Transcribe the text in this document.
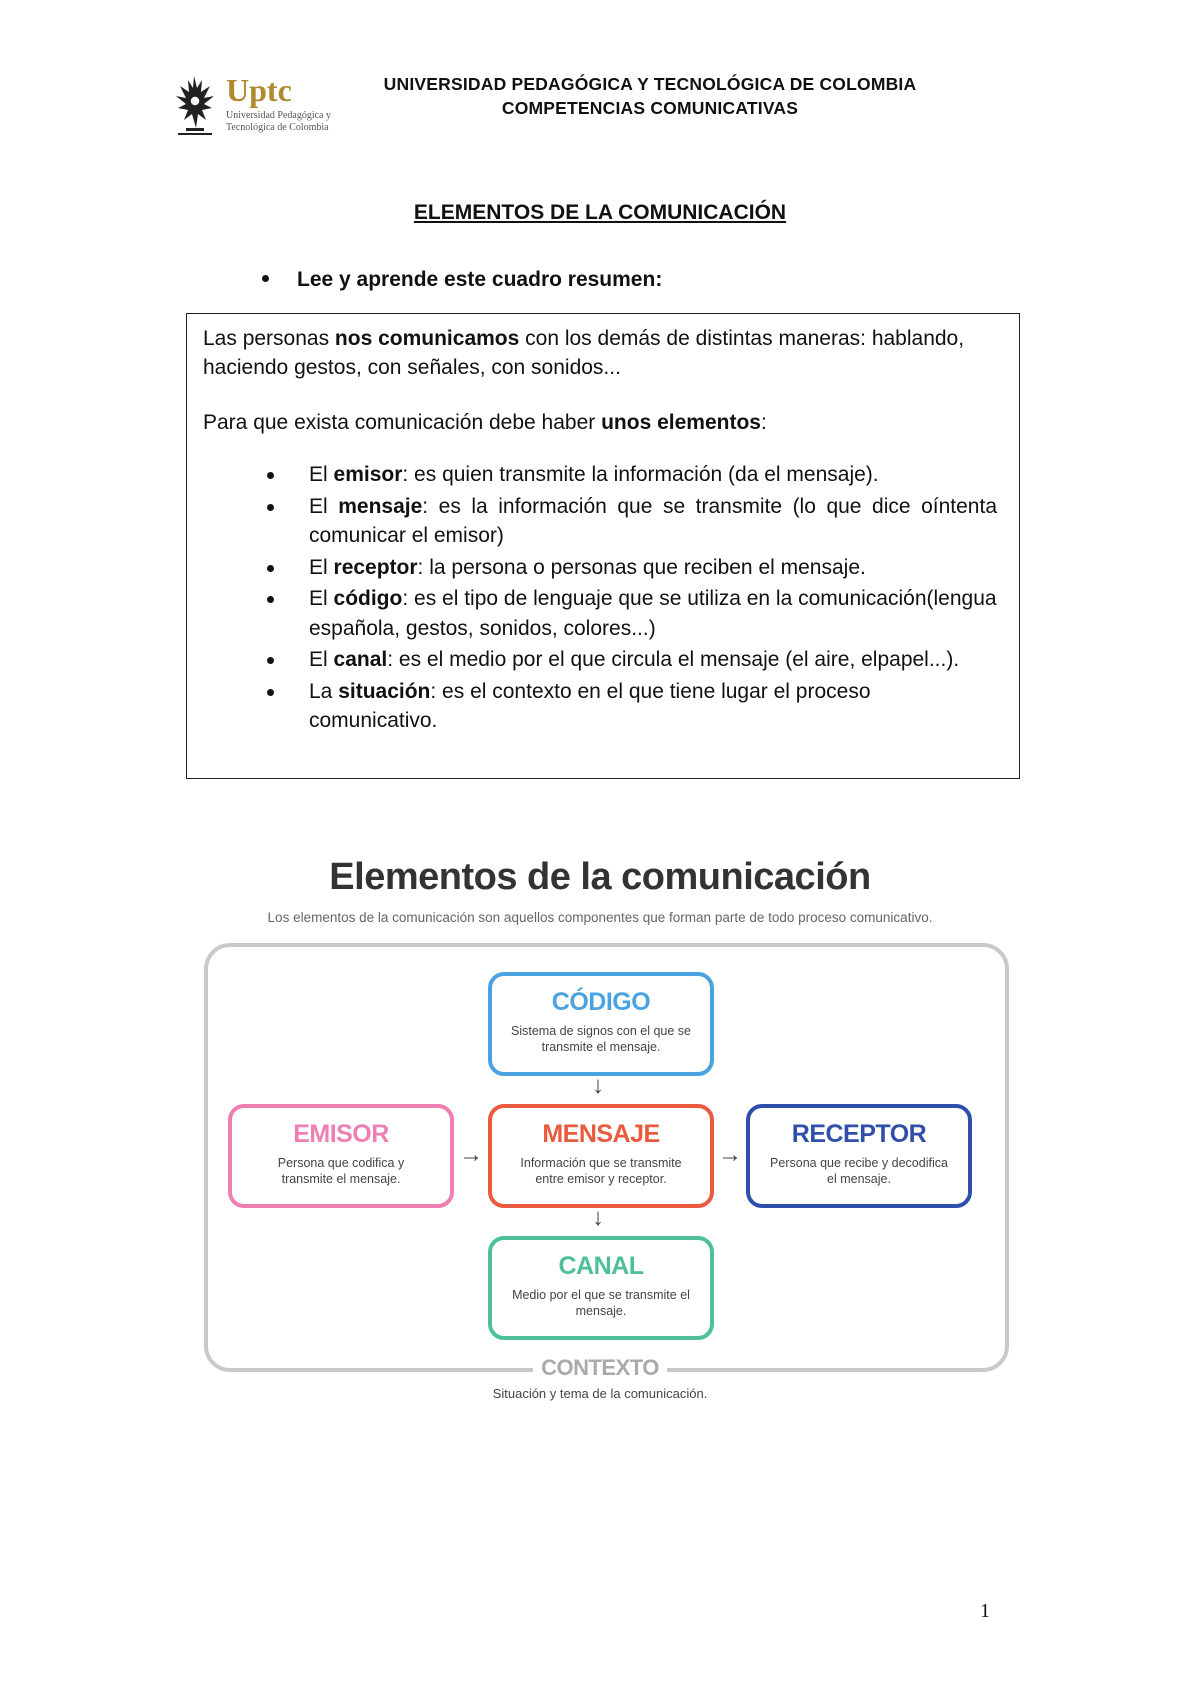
Uptc
Universidad Pedagógica y
Tecnológica de Colombia
UNIVERSIDAD PEDAGÓGICA Y TECNOLÓGICA DE COLOMBIA
COMPETENCIAS COMUNICATIVAS
ELEMENTOS DE LA COMUNICACIÓN
Lee y aprende este cuadro resumen:
Las personas nos comunicamos con los demás de distintas maneras: hablando, haciendo gestos, con señales, con sonidos...
Para que exista comunicación debe haber unos elementos:
El emisor: es quien transmite la información (da el mensaje).
El mensaje: es la información que se transmite (lo que dice oíntenta comunicar el emisor)
El receptor: la persona o personas que reciben el mensaje.
El código: es el tipo de lenguaje que se utiliza en la comunicación(lengua española, gestos, sonidos, colores...)
El canal: es el medio por el que circula el mensaje (el aire, elpapel...).
La situación: es el contexto en el que tiene lugar el proceso comunicativo.
Elementos de la comunicación
Los elementos de la comunicación son aquellos componentes que forman parte de todo proceso comunicativo.
CÓDIGO
Sistema de signos con el que se transmite el mensaje.
EMISOR
Persona que codifica y transmite el mensaje.
MENSAJE
Información que se transmite entre emisor y receptor.
RECEPTOR
Persona que recibe y decodifica el mensaje.
CANAL
Medio por el que se transmite el mensaje.
↓
→	→
↓
CONTEXTO
Situación y tema de la comunicación.
1
